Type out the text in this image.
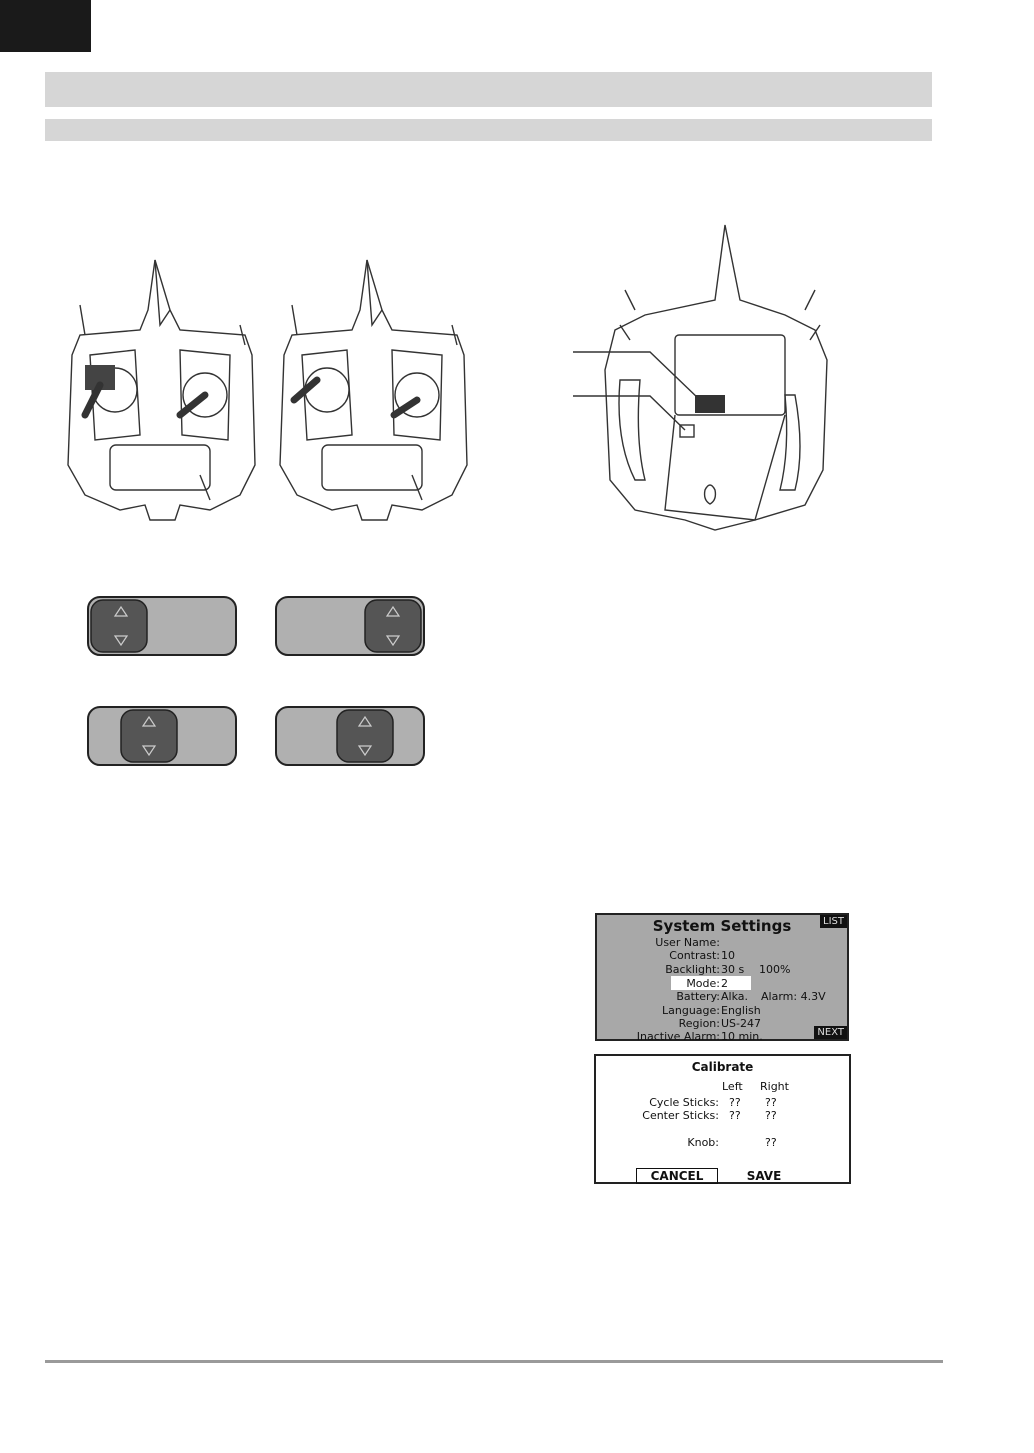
System Settings	LIST
User Name:
Contrast: 10
Backlight: 30 s 100%
Mode: 2
Battery: Alka. Alarm: 4.3V
Language: English
Region: US-247
Inactive Alarm: 10 min.	NEXT
Calibrate
Left Right
Cycle Sticks: ?? ??
Center Sticks: ?? ??
Knob:	??
CANCEL	SAVE
